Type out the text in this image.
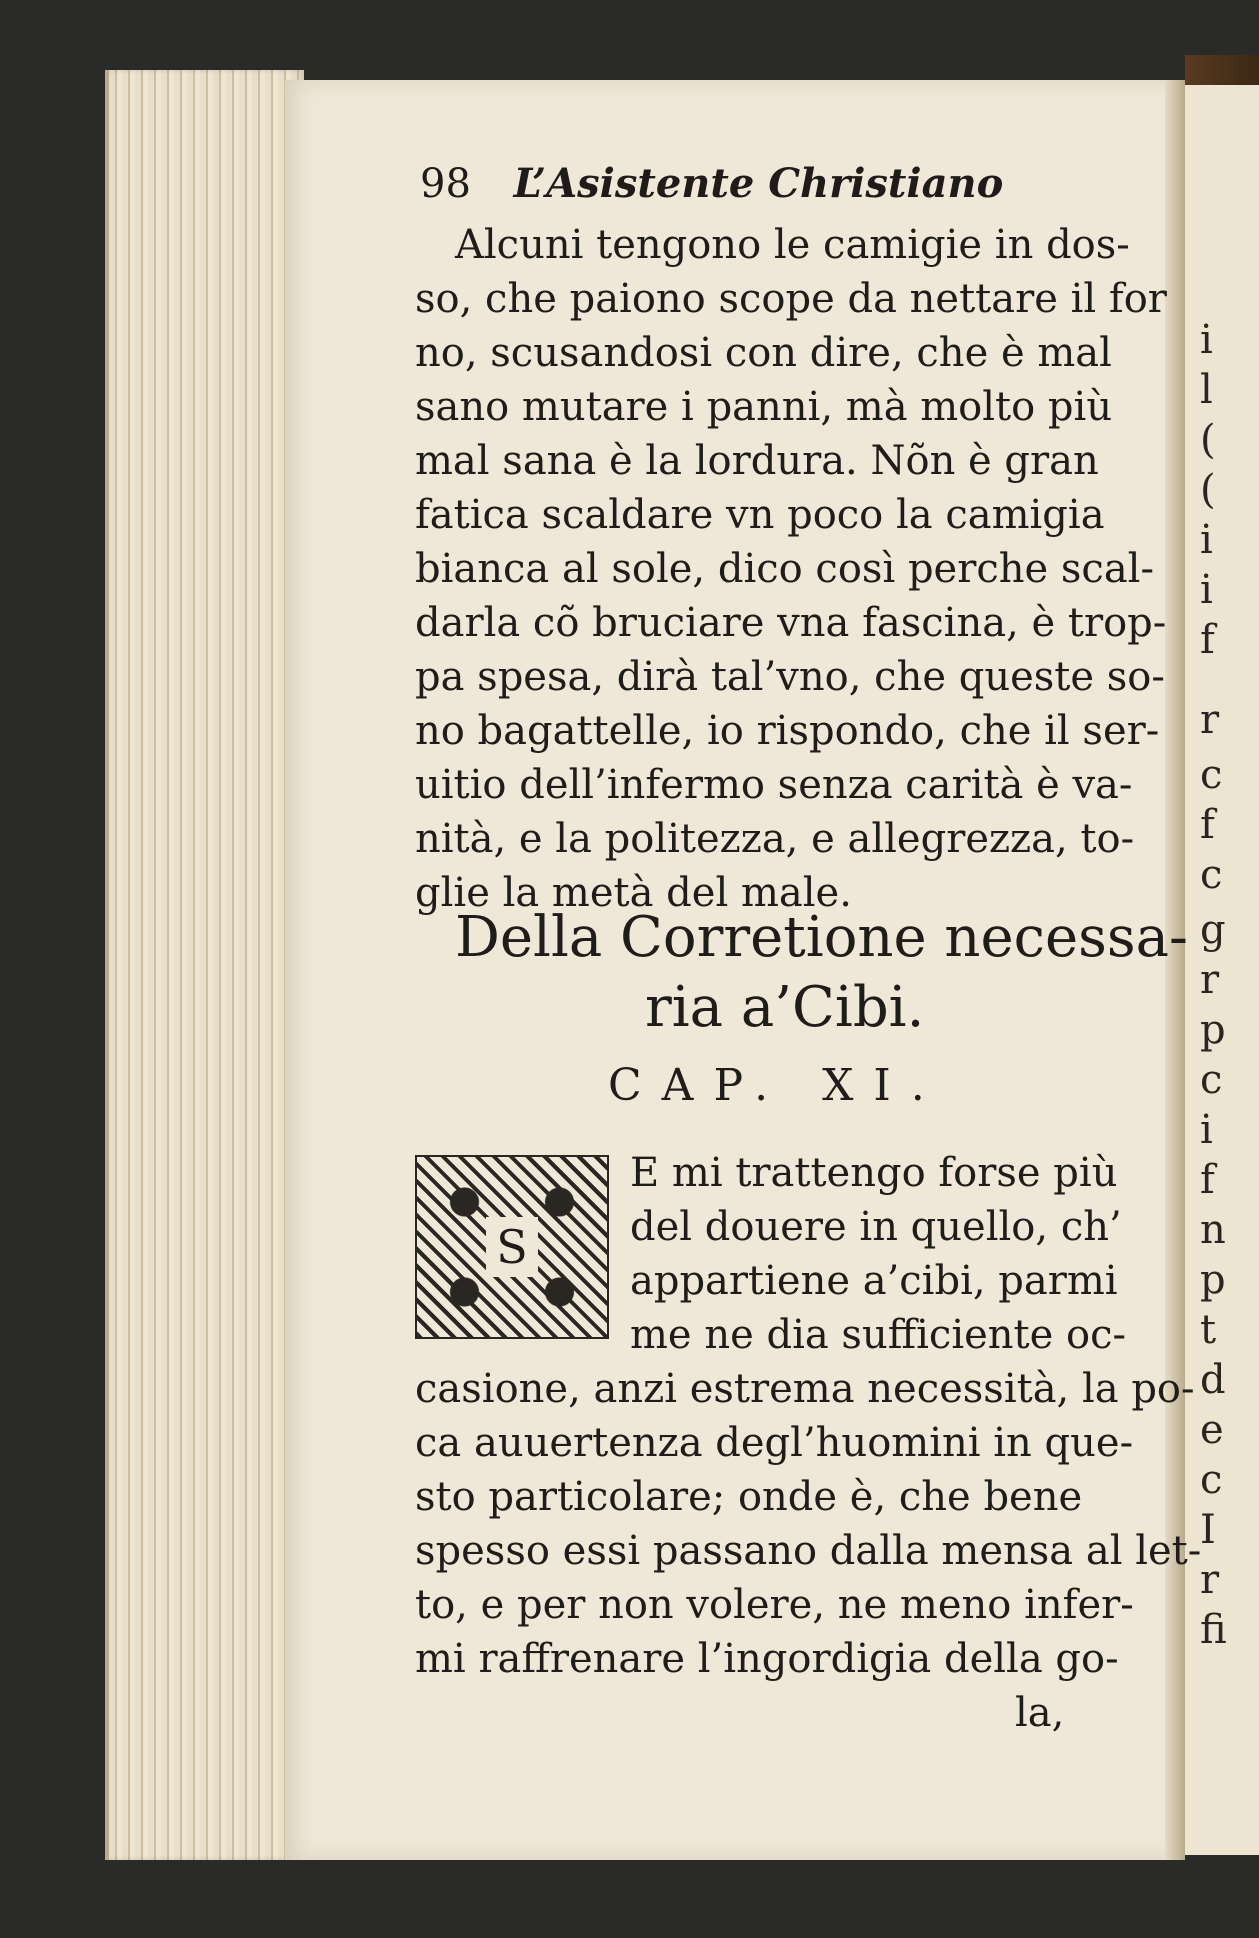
98 L’Asistente Christiano
Alcuni tengono le camigie in dos-
so, che paiono scope da nettare il for
no, scusandosi con dire, che è mal
sano mutare i panni, mà molto più
mal sana è la lordura. Nõn è gran
fatica scaldare vn poco la camigia
bianca al sole, dico così perche scal-
darla cõ bruciare vna fascina, è trop-
pa spesa, dirà tal’vno, che queste so-
no bagattelle, io rispondo, che il ser-
uitio dell’infermo senza carità è va-
nità, e la politezza, e allegrezza, to-
glie la metà del male.
Della Corretione necessa-
ria a’Cibi.
CAP. XI.
S
E mi trattengo forse più
del douere in quello, ch’
appartiene a’cibi, parmi
me ne dia sufficiente oc-
casione, anzi estrema necessità, la po-
ca auuertenza degl’huomini in que-
sto particolare; onde è, che bene
spesso essi passano dalla mensa al let-
to, e per non volere, ne meno infer-
mi raffrenare l’ingordigia della go-
la,
i
l
(
(
i
i
f
r
c
f
c
g
r
p
c
i
f
n
p
t
d
e
c
I
r
fi
